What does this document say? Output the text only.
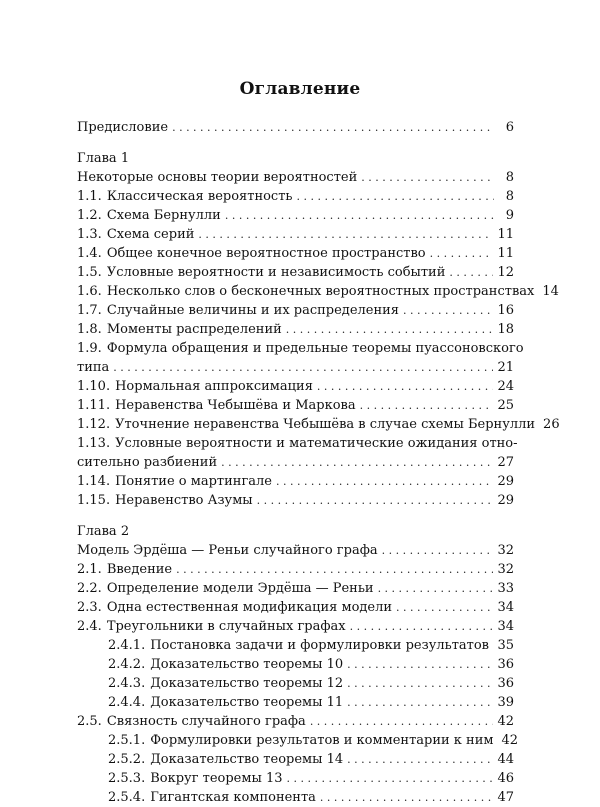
Оглавление
Предисловие . . .	6
Глава 1
Некоторые основы теории вероятностей . . .	8
1.1. Классическая вероятность . . .	8
1.2. Схема Бернулли . . .	9
1.3. Схема серий . . .	11
1.4. Общее конечное вероятностное пространство . . .	11
1.5. Условные вероятности и независимость событий . . .	12
1.6. Несколько слов о бесконечных вероятностных пространствах 14
1.7. Случайные величины и их распределения . . .	16
1.8. Моменты распределений . . .	18
1.9. Формула обращения и предельные теоремы пуассоновского
типа . . .	21
1.10. Нормальная аппроксимация . . .	24
1.11. Неравенства Чебышёва и Маркова . . .	25
1.12. Уточнение неравенства Чебышёва в случае схемы Бернулли 26
1.13. Условные вероятности и математические ожидания отно-
сительно разбиений . . .	27
1.14. Понятие о мартингале . . .	29
1.15. Неравенство Азумы . . .	29
Глава 2
Модель Эрдёша — Реньи случайного графа . . .	32
2.1. Введение . . .	32
2.2. Определение модели Эрдёша — Реньи . . .	33
2.3. Одна естественная модификация модели . . .	34
2.4. Треугольники в случайных графах . . .	34
2.4.1. Постановка задачи и формулировки результатов . . . 35
2.4.2. Доказательство теоремы 10 . . .	36
2.4.3. Доказательство теоремы 12 . . .	36
2.4.4. Доказательство теоремы 11 . . .	39
2.5. Связность случайного графа . . .	42
2.5.1. Формулировки результатов и комментарии к ним 42
2.5.2. Доказательство теоремы 14 . . .	44
2.5.3. Вокруг теоремы 13 . . .	46
2.5.4. Гигантская компонента . . .	47
